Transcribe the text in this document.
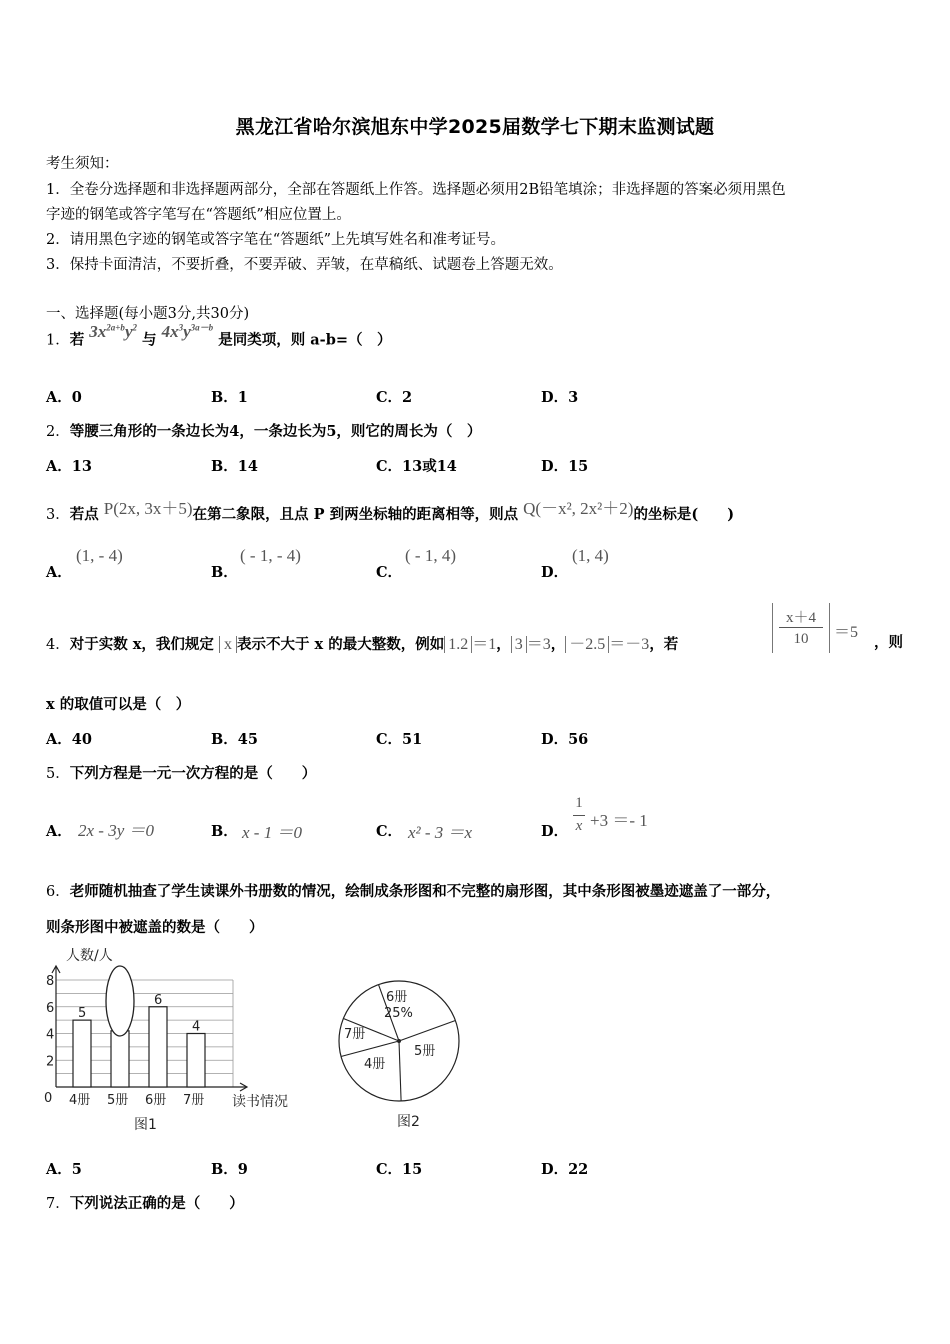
黑龙江省哈尔滨旭东中学2025届数学七下期末监测试题
考生须知：
1．全卷分选择题和非选择题两部分，全部在答题纸上作答。选择题必须用2B铅笔填涂；非选择题的答案必须用黑色
字迹的钢笔或答字笔写在“答题纸”相应位置上。
2．请用黑色字迹的钢笔或答字笔在“答题纸”上先填写姓名和准考证号。
3．保持卡面清洁，不要折叠，不要弄破、弄皱，在草稿纸、试题卷上答题无效。
一、选择题(每小题3分,共30分)
1．若 $3x^{2a+b}y^2$ 与 $4x^3y^{3a-b}$ 是同类项，则 a-b=（　）
A．0	B．1	C．2	D．3
2．等腰三角形的一条边长为4，一条边长为5，则它的周长为（　）
A．13	B．14	C．13或14	D．15
3．若点 P(2x, 3x＋5)在第二象限，且点 P 到两坐标轴的距离相等，则点 Q(－x², 2x²＋2)的坐标是(　　)
A．
(1, - 4)
B．
( - 1, - 4)
C．
( - 1, 4)
D．
(1, 4)
4．对于实数 x，我们规定 x 表示不大于 x 的最大整数，例如 1.2 ＝1， 3 ＝3， －2.5 ＝－3，若
x＋4
10	＝5
，则
x 的取值可以是（　）
A．40	B．45	C．51	D．56
5．下列方程是一元一次方程的是（　　）
A． 2x - 3y ＝0	B． x - 1 ＝0	C． x² - 3 ＝x	D．
1
x +3 ＝- 1
6．老师随机抽查了学生读课外书册数的情况，绘制成条形图和不完整的扇形图，其中条形图被墨迹遮盖了一部分，
则条形图中被遮盖的数是（　　）
0
2
4
6
8
5
4册 5册
6
6册
4
7册
人数/人
读书情况
图1
6册
25%
5册
4册
7册
图2
A．5	B．9	C．15	D．22
7．下列说法正确的是（　　）
